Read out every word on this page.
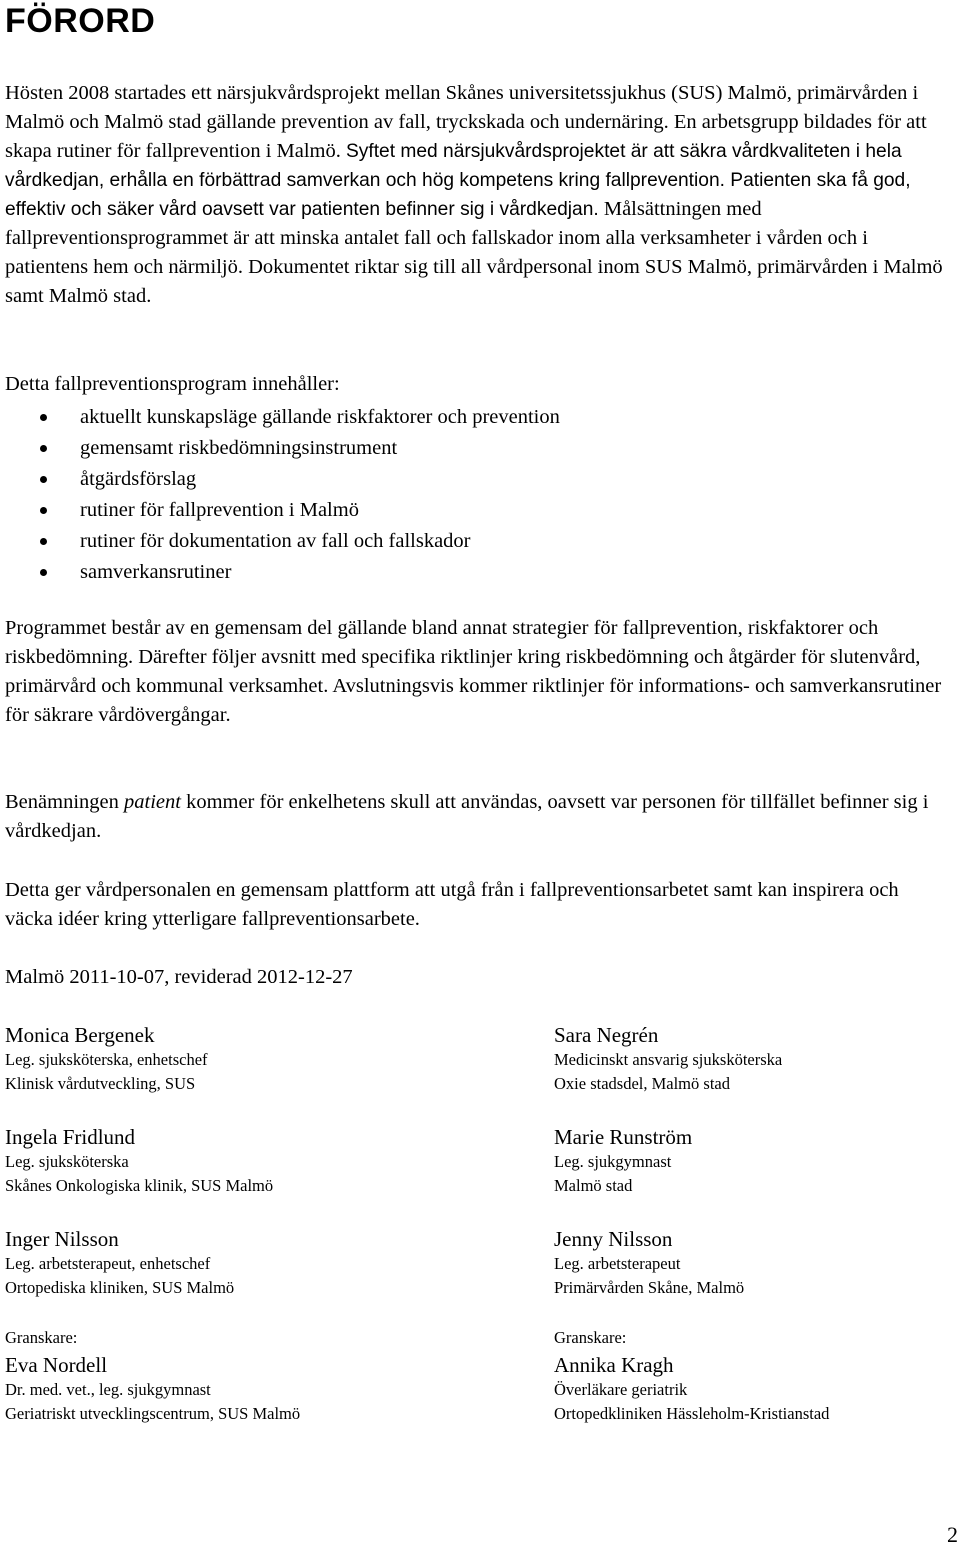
FÖRORD

Hösten 2008 startades ett närsjukvårdsprojekt mellan Skånes universitetssjukhus (SUS) Malmö, primärvården i Malmö och Malmö stad gällande prevention av fall, tryckskada och undernäring. En arbetsgrupp bildades för att skapa rutiner för fallprevention i Malmö. Syftet med närsjukvårdsprojektet är att säkra vårdkvaliteten i hela vårdkedjan, erhålla en förbättrad samverkan och hög kompetens kring fallprevention. Patienten ska få god, effektiv och säker vård oavsett var patienten befinner sig i vårdkedjan. Målsättningen med fallpreventionsprogrammet är att minska antalet fall och fallskador inom alla verksamheter i vården och i patientens hem och närmiljö. Dokumentet riktar sig till all vårdpersonal inom SUS Malmö, primärvården i Malmö samt Malmö stad.

Detta fallpreventionsprogram innehåller:

aktuellt kunskapsläge gällande riskfaktorer och prevention
gemensamt riskbedömningsinstrument
åtgärdsförslag
rutiner för fallprevention i Malmö
rutiner för dokumentation av fall och fallskador
samverkansrutiner

Programmet består av en gemensam del gällande bland annat strategier för fallprevention, riskfaktorer och riskbedömning. Därefter följer avsnitt med specifika riktlinjer kring riskbedömning och åtgärder för slutenvård, primärvård och kommunal verksamhet. Avslutningsvis kommer riktlinjer för informations- och samverkansrutiner för säkrare vårdövergångar.

Benämningen patient kommer för enkelhetens skull att användas, oavsett var personen för tillfället befinner sig i vårdkedjan.

Detta ger vårdpersonalen en gemensam plattform att utgå från i fallpreventionsarbetet samt kan inspirera och väcka idéer kring ytterligare fallpreventionsarbete.

Malmö 2011-10-07, reviderad 2012-12-27

Monica Bergenek
Leg. sjuksköterska, enhetschef
Klinisk vårdutveckling, SUS
Ingela Fridlund
Leg. sjuksköterska
Skånes Onkologiska klinik, SUS Malmö
Inger Nilsson
Leg. arbetsterapeut, enhetschef
Ortopediska kliniken, SUS Malmö
Granskare:
Eva Nordell
Dr. med. vet., leg. sjukgymnast
Geriatriskt utvecklingscentrum, SUS Malmö
Sara Negrén
Medicinskt ansvarig sjuksköterska
Oxie stadsdel, Malmö stad
Marie Runström
Leg. sjukgymnast
Malmö stad
Jenny Nilsson
Leg. arbetsterapeut
Primärvården Skåne, Malmö
Granskare:
Annika Kragh
Överläkare geriatrik
Ortopedkliniken Hässleholm-Kristianstad
2
